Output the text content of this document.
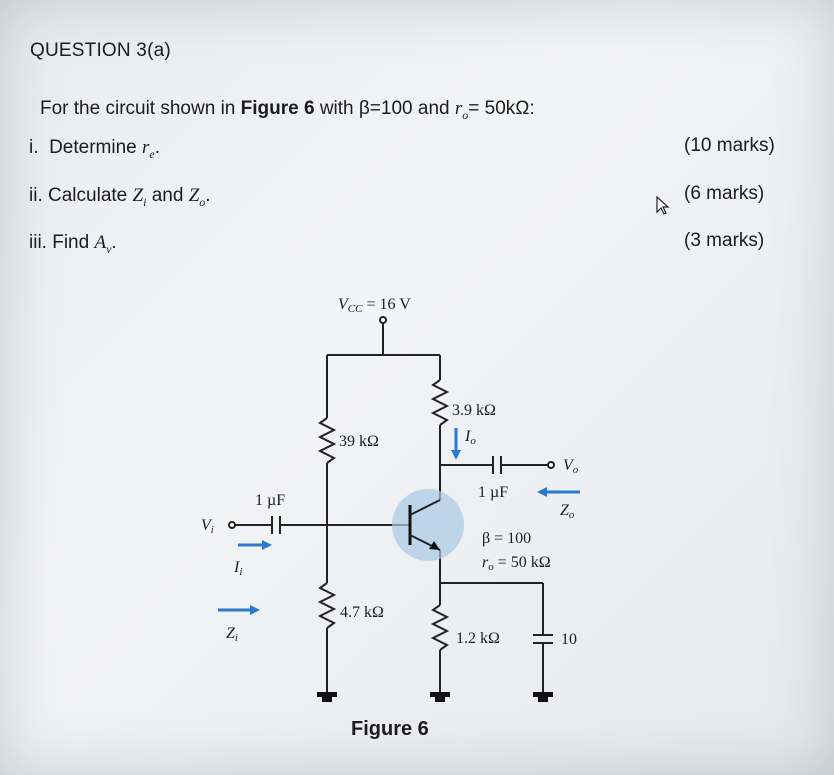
QUESTION 3(a)
For the circuit shown in Figure 6 with β=100 and $r_o= 50k\Omega$:
i. Determine $r_e$.	(10 marks)
ii. Calculate $Z_i$ and $Z_o$.	(6 marks)
iii. Find $A_v$.	(3 marks)
VCC = 16 V
3.9 kΩ
39 kΩ
4.7 kΩ
1.2 kΩ
1 µF	1 µF
10
β = 100
ro = 50 kΩ
Vi
Ii
Zi
Io
Vo
Zo
Figure 6
